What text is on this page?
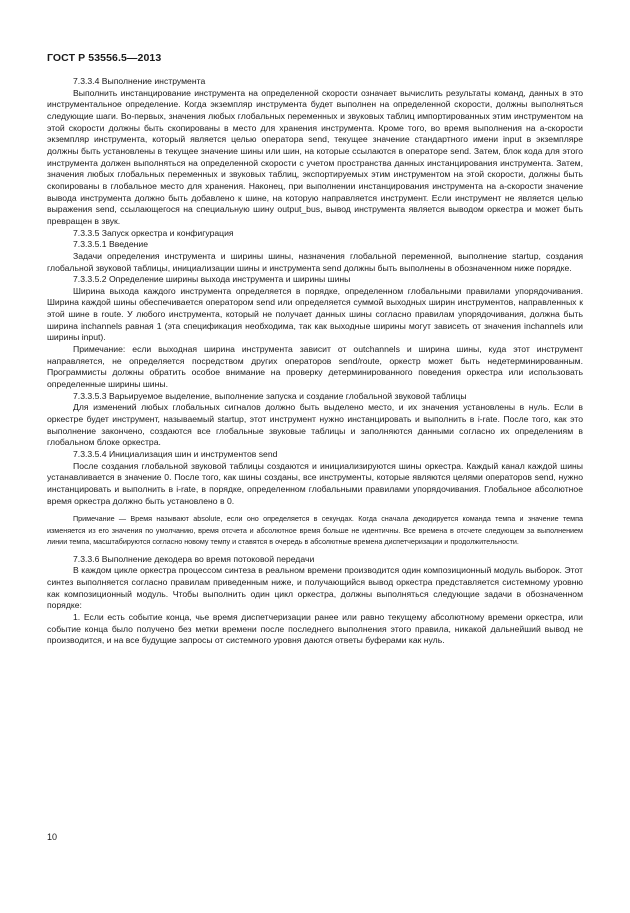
ГОСТ Р 53556.5—2013

7.3.3.4 Выполнение инструмента

Выполнить инстанцирование инструмента на определенной скорости означает вычислить результаты команд, данных в это инструментальное определение. Когда экземпляр инструмента будет выполнен на определенной скорости, должны выполняться следующие шаги. Во-первых, значения любых глобальных переменных и звуковых таблиц импортированных этим инструментом на этой скорости должны быть скопированы в место для хранения инструмента. Кроме того, во время выполнения на а-скорости экземпляр инструмента, который является целью оператора send, текущее значение стандартного имени input в экземпляре должны быть установлены в текущее значение шины или шин, на которые ссылаются в операторе send. Затем, блок кода для этого инструмента должен выполняться на определенной скорости с учетом пространства данных инстанцирования инструмента. Затем, значения любых глобальных переменных и звуковых таблиц, экспортируемых этим инструментом на этой скорости, должны быть скопированы в глобальное место для хранения. Наконец, при выполнении инстанцирования инструмента на а-скорости значение вывода инструмента должно быть добавлено к шине, на которую направляется инструмент. Если инструмент не является целью выражения send, ссылающегося на специальную шину output_bus, вывод инструмента является выводом оркестра и может быть превращен в звук.

7.3.3.5 Запуск оркестра и конфигурация

7.3.3.5.1 Введение

Задачи определения инструмента и ширины шины, назначения глобальной переменной, выполнение startup, создания глобальной звуковой таблицы, инициализации шины и инструмента send должны быть выполнены в обозначенном ниже порядке.

7.3.3.5.2 Определение ширины выхода инструмента и ширины шины

Ширина выхода каждого инструмента определяется в порядке, определенном глобальными правилами упорядочивания. Ширина каждой шины обеспечивается оператором send или определяется суммой выходных ширин инструментов, направленных к этой шине в route. У любого инструмента, который не получает данных шины согласно правилам упорядочивания, должна быть ширина inchannels равная 1 (эта спецификация необходима, так как выходные ширины могут зависеть от значения inchannels или ширины input).

Примечание: если выходная ширина инструмента зависит от outchannels и ширина шины, куда этот инструмент направляется, не определяется посредством других операторов send/route, оркестр может быть недетерминированным. Программисты должны обратить особое внимание на проверку детерминированного поведения оркестра или использовать определенные ширины шины.

7.3.3.5.3 Варьируемое выделение, выполнение запуска и создание глобальной звуковой таблицы

Для изменений любых глобальных сигналов должно быть выделено место, и их значения установлены в нуль. Если в оркестре будет инструмент, называемый startup, этот инструмент нужно инстанцировать и выполнить в i-rate. После того, как это выполнение закончено, создаются все глобальные звуковые таблицы и заполняются данными согласно их определениям в глобальном блоке оркестра.

7.3.3.5.4 Инициализация шин и инструментов send

После создания глобальной звуковой таблицы создаются и инициализируются шины оркестра. Каждый канал каждой шины устанавливается в значение 0. После того, как шины созданы, все инструменты, которые являются целями операторов send, нужно инстанцировать и выполнить в i-rate, в порядке, определенном глобальными правилами упорядочивания. Глобальное абсолютное время оркестра должно быть установлено в 0.

Примечание — Время называют absolute, если оно определяется в секундах. Когда сначала декодируется команда темпа и значение темпа изменяется из его значения по умолчанию, время отсчета и абсолютное время больше не идентичны. Все времена в отсчете следующем за выполнением линии темпа, масштабируются согласно новому темпу и ставятся в очередь в абсолютные времена диспетчеризации и продолжительности.

7.3.3.6 Выполнение декодера во время потоковой передачи

В каждом цикле оркестра процессом синтеза в реальном времени производится один композиционный модуль выборок. Этот синтез выполняется согласно правилам приведенным ниже, и получающийся вывод оркестра представляется системному уровню как композиционный модуль. Чтобы выполнить один цикл оркестра, должны выполняться следующие задачи в обозначенном порядке:

1. Если есть событие конца, чье время диспетчеризации ранее или равно текущему абсолютному времени оркестра, или событие конца было получено без метки времени после последнего выполнения этого правила, никакой дальнейший вывод не производится, и на все будущие запросы от системного уровня даются ответы буферами как нуль.

10
